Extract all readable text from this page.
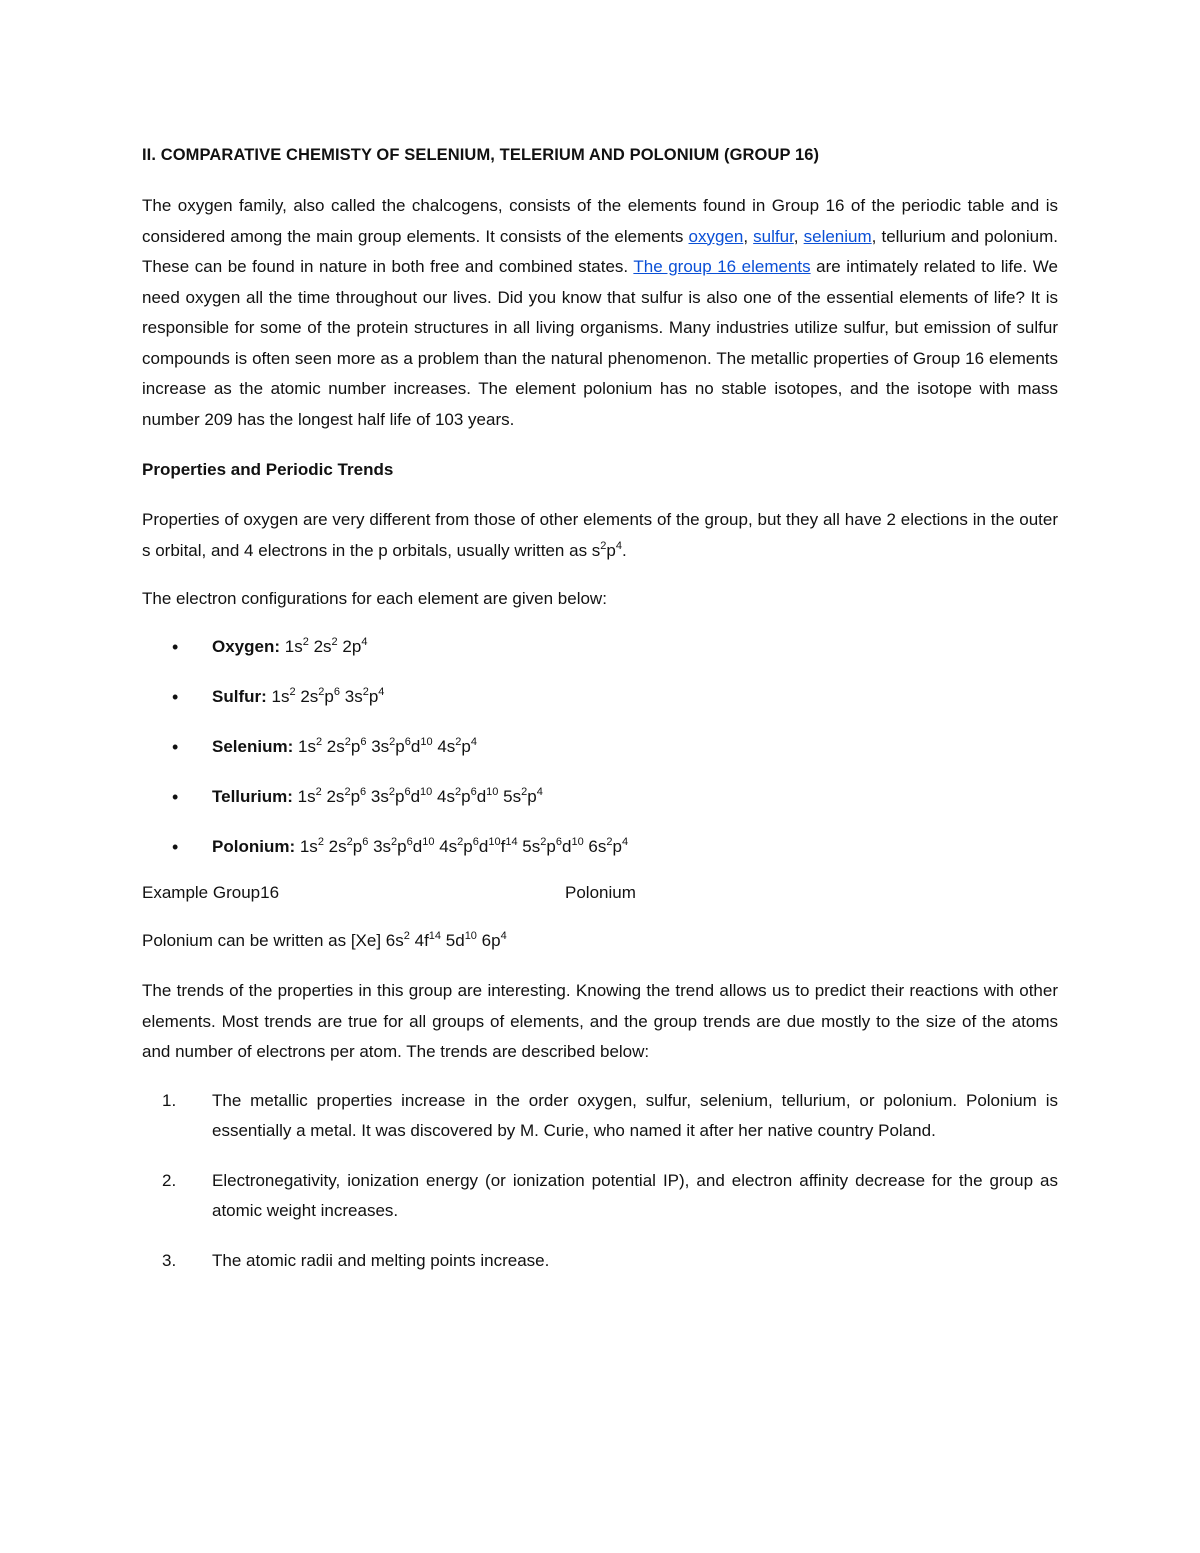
II. COMPARATIVE CHEMISTY OF SELENIUM, TELERIUM AND POLONIUM (GROUP 16)

The oxygen family, also called the chalcogens, consists of the elements found in Group 16 of the periodic table and is considered among the main group elements. It consists of the elements oxygen, sulfur, selenium, tellurium and polonium. These can be found in nature in both free and combined states. The group 16 elements are intimately related to life. We need oxygen all the time throughout our lives. Did you know that sulfur is also one of the essential elements of life? It is responsible for some of the protein structures in all living organisms. Many industries utilize sulfur, but emission of sulfur compounds is often seen more as a problem than the natural phenomenon. The metallic properties of Group 16 elements increase as the atomic number increases. The element polonium has no stable isotopes, and the isotope with mass number 209 has the longest half life of 103 years.

Properties and Periodic Trends

Properties of oxygen are very different from those of other elements of the group, but they all have 2 elections in the outer s orbital, and 4 electrons in the p orbitals, usually written as $s^2p^4$.

The electron configurations for each element are given below:

• Oxygen: $1s^2$ $2s^2$ $2p^4$
• Sulfur: $1s^2$ $2s^2p^6$ $3s^2p^4$
• Selenium: $1s^2$ $2s^2p^6$ $3s^2p^6d^{10}$ $4s^2p^4$
• Tellurium: $1s^2$ $2s^2p^6$ $3s^2p^6d^{10}$ $4s^2p^6d^{10}$ $5s^2p^4$
• Polonium: $1s^2$ $2s^2p^6$ $3s^2p^6d^{10}$ $4s^2p^6d^{10}f^{14}$ $5s^2p^6d^{10}$ $6s^2p^4$
Example Group16	Polonium

Polonium can be written as [Xe] $6s^2$ $4f^{14}$ $5d^{10}$ $6p^4$

The trends of the properties in this group are interesting. Knowing the trend allows us to predict their reactions with other elements. Most trends are true for all groups of elements, and the group trends are due mostly to the size of the atoms and number of electrons per atom. The trends are described below:

1. The metallic properties increase in the order oxygen, sulfur, selenium, tellurium, or polonium. Polonium is essentially a metal. It was discovered by M. Curie, who named it after her native country Poland.
2. Electronegativity, ionization energy (or ionization potential IP), and electron affinity decrease for the group as atomic weight increases.
3. The atomic radii and melting points increase.
